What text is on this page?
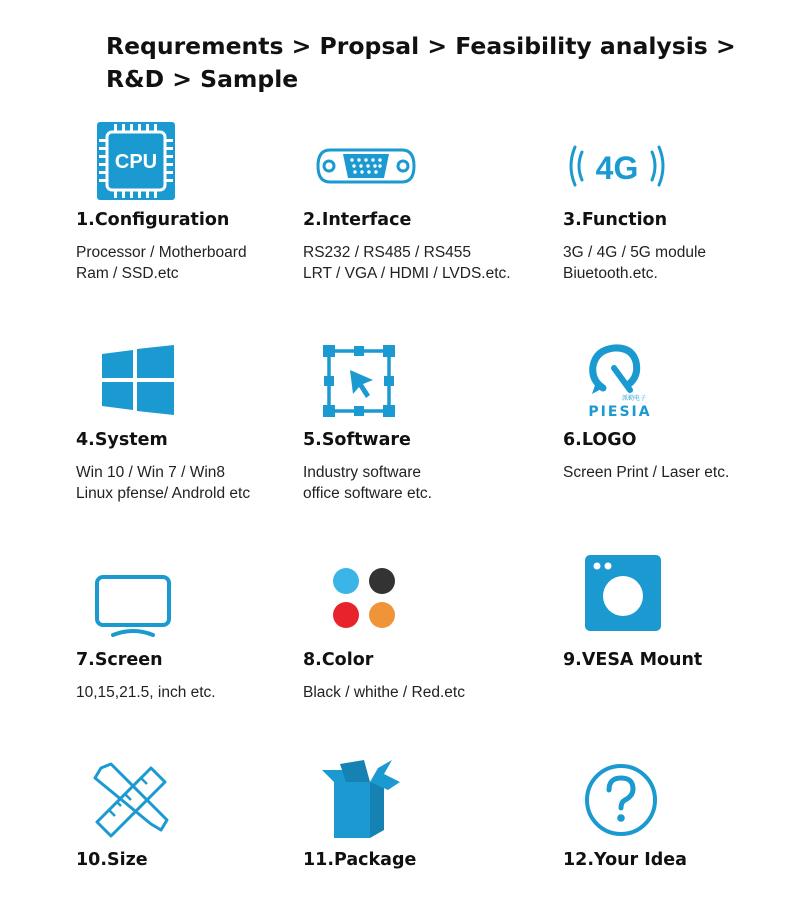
Requrements > Propsal > Feasibility analysis >
R&D > Sample
CPU
1.Configuration
Processor / Motherboard
Ram / SSD.etc
2.Interface
RS232 / RS485 / RS455
LRT / VGA / HDMI / LVDS.etc.
4G
3.Function
3G / 4G / 5G module
Biuetooth.etc.
4.System
Win 10 / Win 7 / Win8
Linux pfense/ Androld etc
5.Software
Industry software
office software etc.
派勤电子
PIESIA
6.LOGO
Screen Print / Laser etc.
7.Screen
10,15,21.5, inch etc.
8.Color
Black / whithe / Red.etc
9.VESA Mount
10.Size	11.Package	12.Your Idea
